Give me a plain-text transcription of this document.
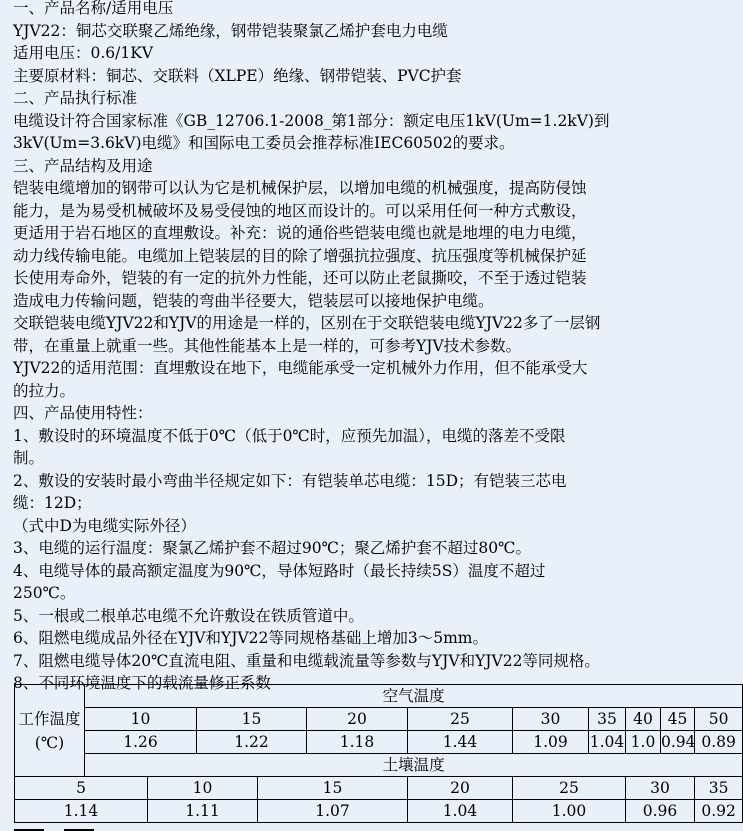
一、产品名称/适用电压
YJV22：铜芯交联聚乙烯绝缘，钢带铠装聚氯乙烯护套电力电缆
适用电压：0.6/1KV
主要原材料：铜芯、交联料（XLPE）绝缘、钢带铠装、PVC护套
二、产品执行标准
电缆设计符合国家标准《GB_12706.1-2008_第1部分：额定电压1kV(Um=1.2kV)到
3kV(Um=3.6kV)电缆》和国际电工委员会推荐标准IEC60502的要求。
三、产品结构及用途
铠装电缆增加的钢带可以认为它是机械保护层，以增加电缆的机械强度，提高防侵蚀
能力，是为易受机械破坏及易受侵蚀的地区而设计的。可以采用任何一种方式敷设，
更适用于岩石地区的直埋敷设。补充：说的通俗些铠装电缆也就是地埋的电力电缆，
动力线传输电能。电缆加上铠装层的目的除了增强抗拉强度、抗压强度等机械保护延
长使用寿命外，铠装的有一定的抗外力性能，还可以防止老鼠撕咬，不至于透过铠装
造成电力传输问题，铠装的弯曲半径要大，铠装层可以接地保护电缆。
交联铠装电缆YJV22和YJV的用途是一样的，区别在于交联铠装电缆YJV22多了一层钢
带，在重量上就重一些。其他性能基本上是一样的，可参考YJV技术参数。
YJV22的适用范围：直埋敷设在地下，电缆能承受一定机械外力作用，但不能承受大
的拉力。
四、产品使用特性：
1、敷设时的环境温度不低于0℃（低于0℃时，应预先加温），电缆的落差不受限
制。
2、敷设的安装时最小弯曲半径规定如下：有铠装单芯电缆：15D；有铠装三芯电
缆：12D；
（式中D为电缆实际外径）
3、电缆的运行温度：聚氯乙烯护套不超过90℃；聚乙烯护套不超过80℃。
4、电缆导体的最高额定温度为90℃，导体短路时（最长持续5S）温度不超过
250℃。
5、一根或二根单芯电缆不允许敷设在铁质管道中。
6、阻燃电缆成品外径在YJV和YJV22等同规格基础上增加3～5mm。
7、阻燃电缆导体20℃直流电阻、重量和电缆载流量等参数与YJV和YJV22等同规格。
8、不同环境温度下的载流量修正系数
工作温度(℃)	空气温度										
	10		15		20	25	30	35	40	45	50
	1.26		1.22		1.18	1.44	1.09	1.04	1.0	0.94	0.89
	土壤温度										
5		10		15		20	25		30		35
1.14		1.11		1.07		1.04	1.00		0.96		0.92
